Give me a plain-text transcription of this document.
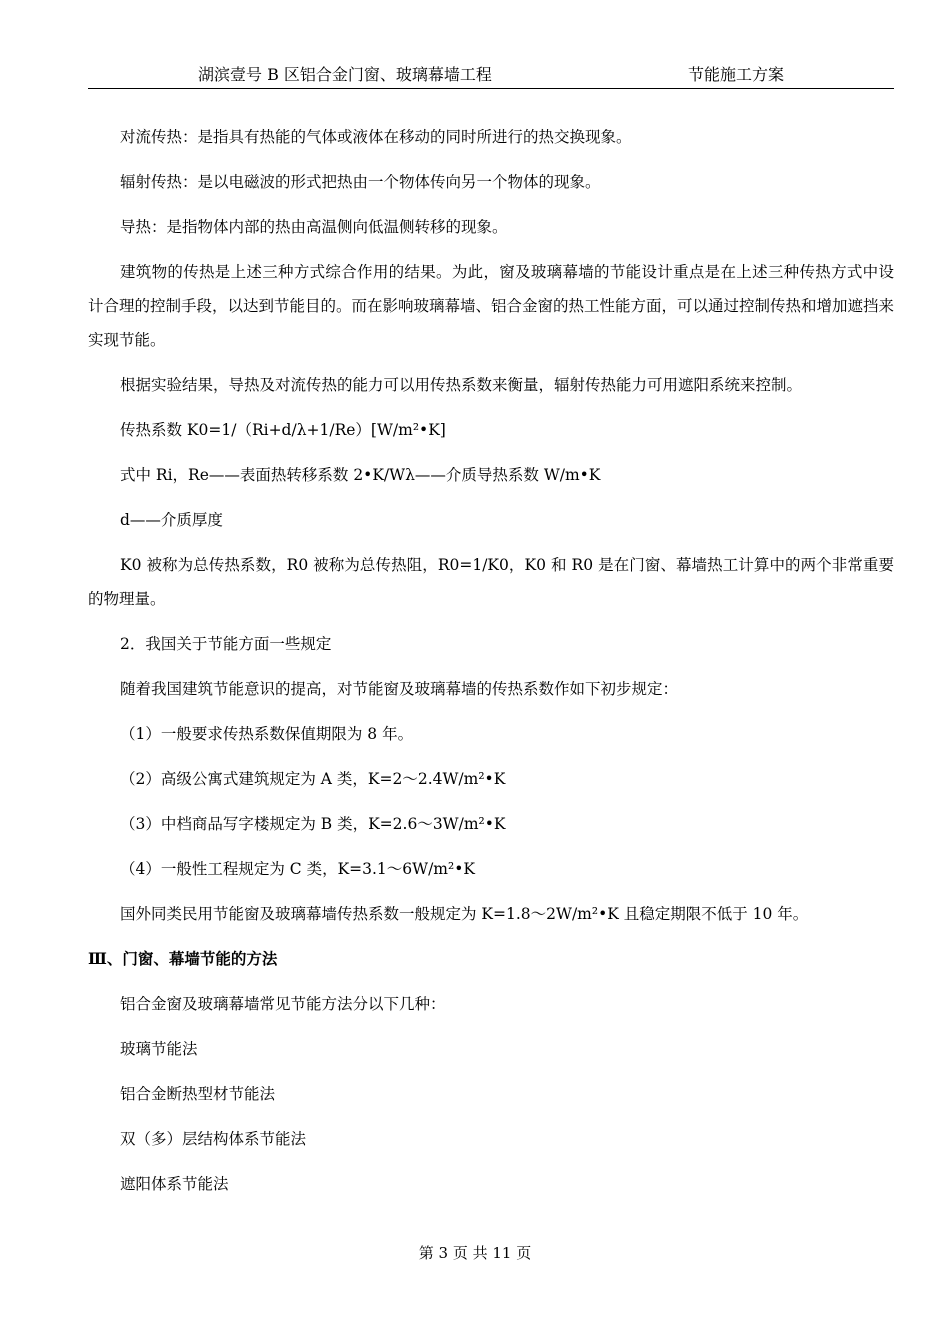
湖滨壹号 B 区铝合金门窗、玻璃幕墙工程	节能施工方案

对流传热：是指具有热能的气体或液体在移动的同时所进行的热交换现象。

辐射传热：是以电磁波的形式把热由一个物体传向另一个物体的现象。

导热：是指物体内部的热由高温侧向低温侧转移的现象。

建筑物的传热是上述三种方式综合作用的结果。为此，窗及玻璃幕墙的节能设计重点是在上述三种传热方式中设计合理的控制手段，以达到节能目的。而在影响玻璃幕墙、铝合金窗的热工性能方面，可以通过控制传热和增加遮挡来实现节能。

根据实验结果，导热及对流传热的能力可以用传热系数来衡量，辐射传热能力可用遮阳系统来控制。

传热系数 K0=1/（Ri+d/λ+1/Re）[W/m²•K]

式中 Ri，Re——表面热转移系数 2•K/Wλ——介质导热系数 W/m•K

d——介质厚度

K0 被称为总传热系数，R0 被称为总传热阻，R0=1/K0，K0 和 R0 是在门窗、幕墙热工计算中的两个非常重要的物理量。

2．我国关于节能方面一些规定

随着我国建筑节能意识的提高，对节能窗及玻璃幕墙的传热系数作如下初步规定：

（1）一般要求传热系数保值期限为 8 年。

（2）高级公寓式建筑规定为 A 类，K=2～2.4W/m²•K

（3）中档商品写字楼规定为 B 类，K=2.6～3W/m²•K

（4）一般性工程规定为 C 类，K=3.1～6W/m²•K

国外同类民用节能窗及玻璃幕墙传热系数一般规定为 K=1.8～2W/m²•K 且稳定期限不低于 10 年。

Ⅲ、门窗、幕墙节能的方法

铝合金窗及玻璃幕墙常见节能方法分以下几种：

玻璃节能法

铝合金断热型材节能法

双（多）层结构体系节能法

遮阳体系节能法

第 3 页 共 11 页
